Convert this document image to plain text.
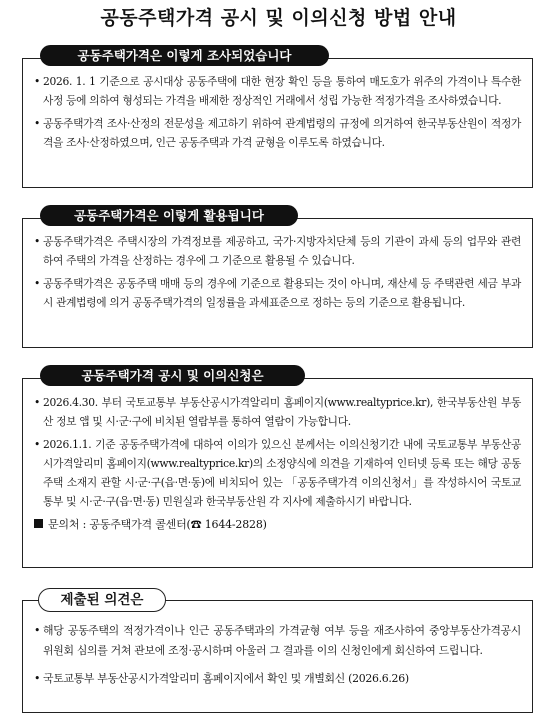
공동주택가격 공시 및 이의신청 방법 안내
• 2026. 1. 1 기준으로 공시대상 공동주택에 대한 현장 확인 등을 통하여 매도호가 위주의 가격이나 특수한 사정 등에 의하여 형성되는 가격을 배제한 정상적인 거래에서 성립 가능한 적정가격을 조사하였습니다.
• 공동주택가격 조사·산정의 전문성을 제고하기 위하여 관계법령의 규정에 의거하여 한국부동산원이 적정가격을 조사·산정하였으며, 인근 공동주택과 가격 균형을 이루도록 하였습니다.
공동주택가격은 이렇게 조사되었습니다
• 공동주택가격은 주택시장의 가격정보를 제공하고, 국가·지방자치단체 등의 기관이 과세 등의 업무와 관련하여 주택의 가격을 산정하는 경우에 그 기준으로 활용될 수 있습니다.
• 공동주택가격은 공동주택 매매 등의 경우에 기준으로 활용되는 것이 아니며, 재산세 등 주택관련 세금 부과시 관계법령에 의거 공동주택가격의 일정률을 과세표준으로 정하는 등의 기준으로 활용됩니다.
공동주택가격은 이렇게 활용됩니다
• 2026.4.30. 부터 국토교통부 부동산공시가격알리미 홈페이지(www.realtyprice.kr), 한국부동산원 부동산 정보 앱 및 시·군·구에 비치된 열람부를 통하여 열람이 가능합니다.
• 2026.1.1. 기준 공동주택가격에 대하여 이의가 있으신 분께서는 이의신청기간 내에 국토교통부 부동산공시가격알리미 홈페이지(www.realtyprice.kr)의 소정양식에 의견을 기재하여 인터넷 등록 또는 해당 공동주택 소재지 관할 시·군·구(읍·면·동)에 비치되어 있는 「공동주택가격 이의신청서」를 작성하시어 국토교통부 및 시·군·구(읍·면·동) 민원실과 한국부동산원 각 지사에 제출하시기 바랍니다.
문의처 : 공동주택가격 콜센터(☎ 1644-2828)
공동주택가격 공시 및 이의신청은
• 해당 공동주택의 적정가격이나 인근 공동주택과의 가격균형 여부 등을 재조사하여 중앙부동산가격공시위원회 심의를 거쳐 관보에 조정·공시하며 아울러 그 결과를 이의 신청인에게 회신하여 드립니다.
• 국토교통부 부동산공시가격알리미 홈페이지에서 확인 및 개별회신 (2026.6.26)
제출된 의견은
